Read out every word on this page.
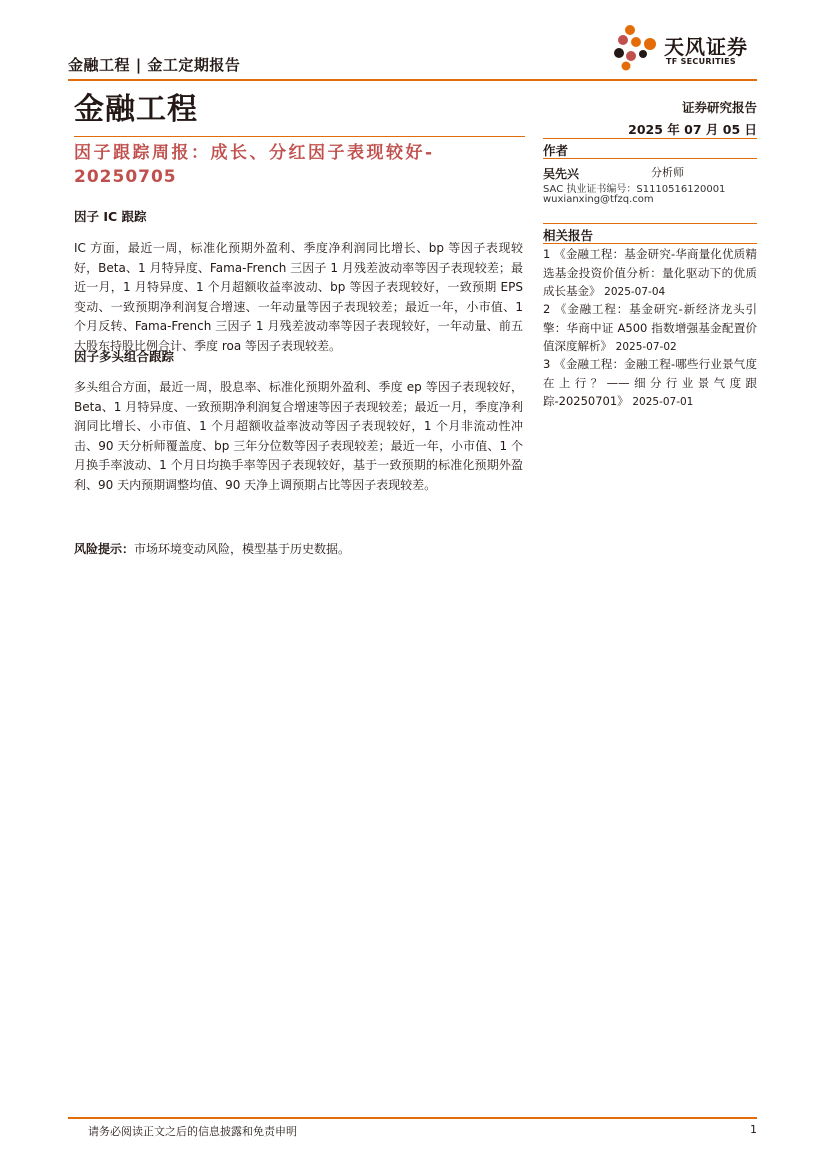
金融工程 | 金工定期报告
天风证券
TF SECURITIES
金融工程	证券研究报告
2025 年 07 月 05 日
因子跟踪周报：成长、分红因子表现较好-
20250705
因子 IC 跟踪
IC 方面，最近一周，标准化预期外盈利、季度净利润同比增长、bp 等因子表现较好，Beta、1 月特异度、Fama-French 三因子 1 月残差波动率等因子表现较差；最近一月，1 月特异度、1 个月超额收益率波动、bp 等因子表现较好，一致预期 EPS 变动、一致预期净利润复合增速、一年动量等因子表现较差；最近一年，小市值、1 个月反转、Fama-French 三因子 1 月残差波动率等因子表现较好，一年动量、前五大股东持股比例合计、季度 roa 等因子表现较差。
因子多头组合跟踪
多头组合方面，最近一周，股息率、标准化预期外盈利、季度 ep 等因子表现较好，Beta、1 月特异度、一致预期净利润复合增速等因子表现较差；最近一月，季度净利润同比增长、小市值、1 个月超额收益率波动等因子表现较好，1 个月非流动性冲击、90 天分析师覆盖度、bp 三年分位数等因子表现较差；最近一年，小市值、1 个月换手率波动、1 个月日均换手率等因子表现较好，基于一致预期的标准化预期外盈利、90 天内预期调整均值、90 天净上调预期占比等因子表现较差。
风险提示：市场环境变动风险，模型基于历史数据。
作者
吴先兴	分析师
SAC 执业证书编号：S1110516120001
wuxianxing@tfzq.com
相关报告
1 《金融工程：基金研究-华商量化优质精选基金投资价值分析：量化驱动下的优质成长基金》 2025-07-04
2 《金融工程：基金研究-新经济龙头引擎：华商中证 A500 指数增强基金配置价值深度解析》 2025-07-02
3 《金融工程：金融工程-哪些行业景气度在上行？——细分行业景气度跟踪-20250701》 2025-07-01
请务必阅读正文之后的信息披露和免责申明	1
